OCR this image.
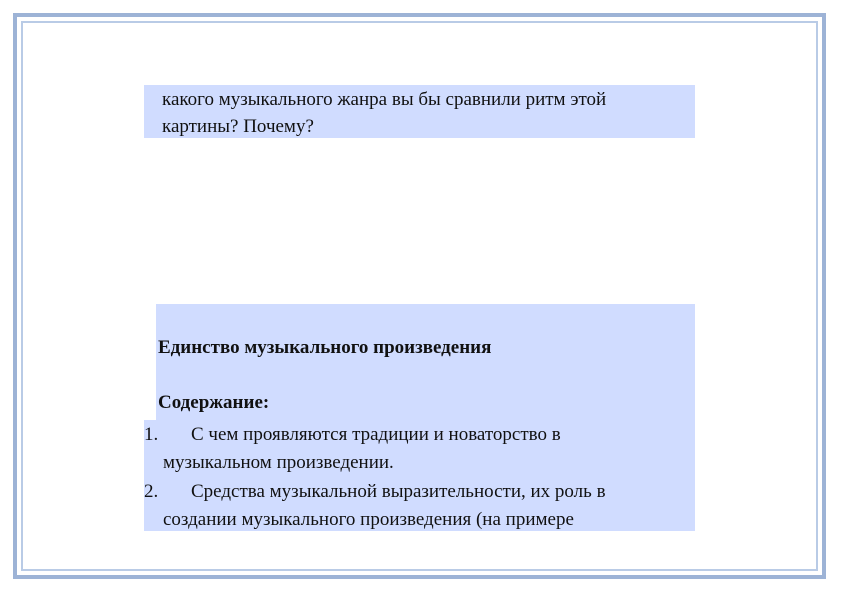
какого музыкального жанра вы бы сравнили ритм этой картины? Почему?

Единство музыкального произведения
Содержание:
1. С чем проявляются традиции и новаторство в
музыкальном произведении.
2. Средства музыкальной выразительности, их роль в
создании музыкального произведения (на примере
